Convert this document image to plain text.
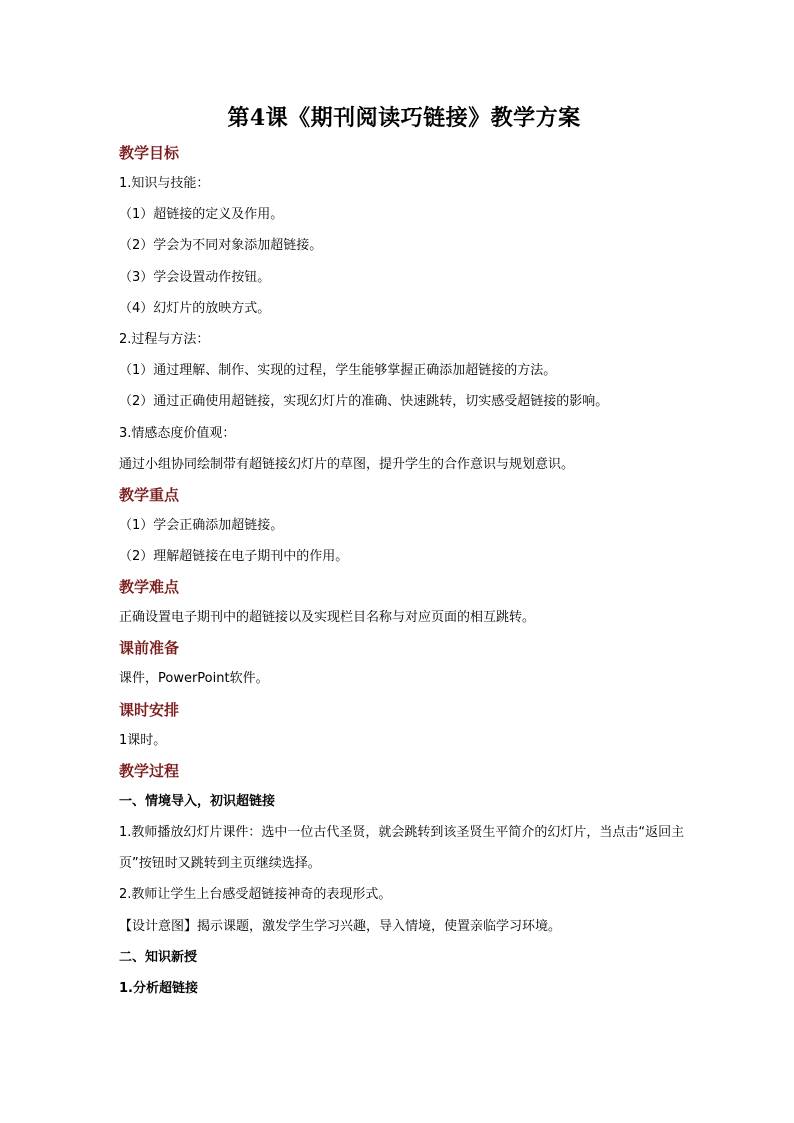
第4课《期刊阅读巧链接》教学方案
教学目标
1.知识与技能：
（1）超链接的定义及作用。
（2）学会为不同对象添加超链接。
（3）学会设置动作按钮。
（4）幻灯片的放映方式。
2.过程与方法：
（1）通过理解、制作、实现的过程，学生能够掌握正确添加超链接的方法。
（2）通过正确使用超链接，实现幻灯片的准确、快速跳转，切实感受超链接的影响。
3.情感态度价值观：
通过小组协同绘制带有超链接幻灯片的草图，提升学生的合作意识与规划意识。
教学重点
（1）学会正确添加超链接。
（2）理解超链接在电子期刊中的作用。
教学难点
正确设置电子期刊中的超链接以及实现栏目名称与对应页面的相互跳转。
课前准备
课件，PowerPoint软件。
课时安排
1课时。
教学过程
一、情境导入，初识超链接
1.教师播放幻灯片课件：选中一位古代圣贤，就会跳转到该圣贤生平简介的幻灯片，当点击“返回主页”按钮时又跳转到主页继续选择。
2.教师让学生上台感受超链接神奇的表现形式。
【设计意图】揭示课题，激发学生学习兴趣，导入情境，使置亲临学习环境。
二、知识新授
1.分析超链接
